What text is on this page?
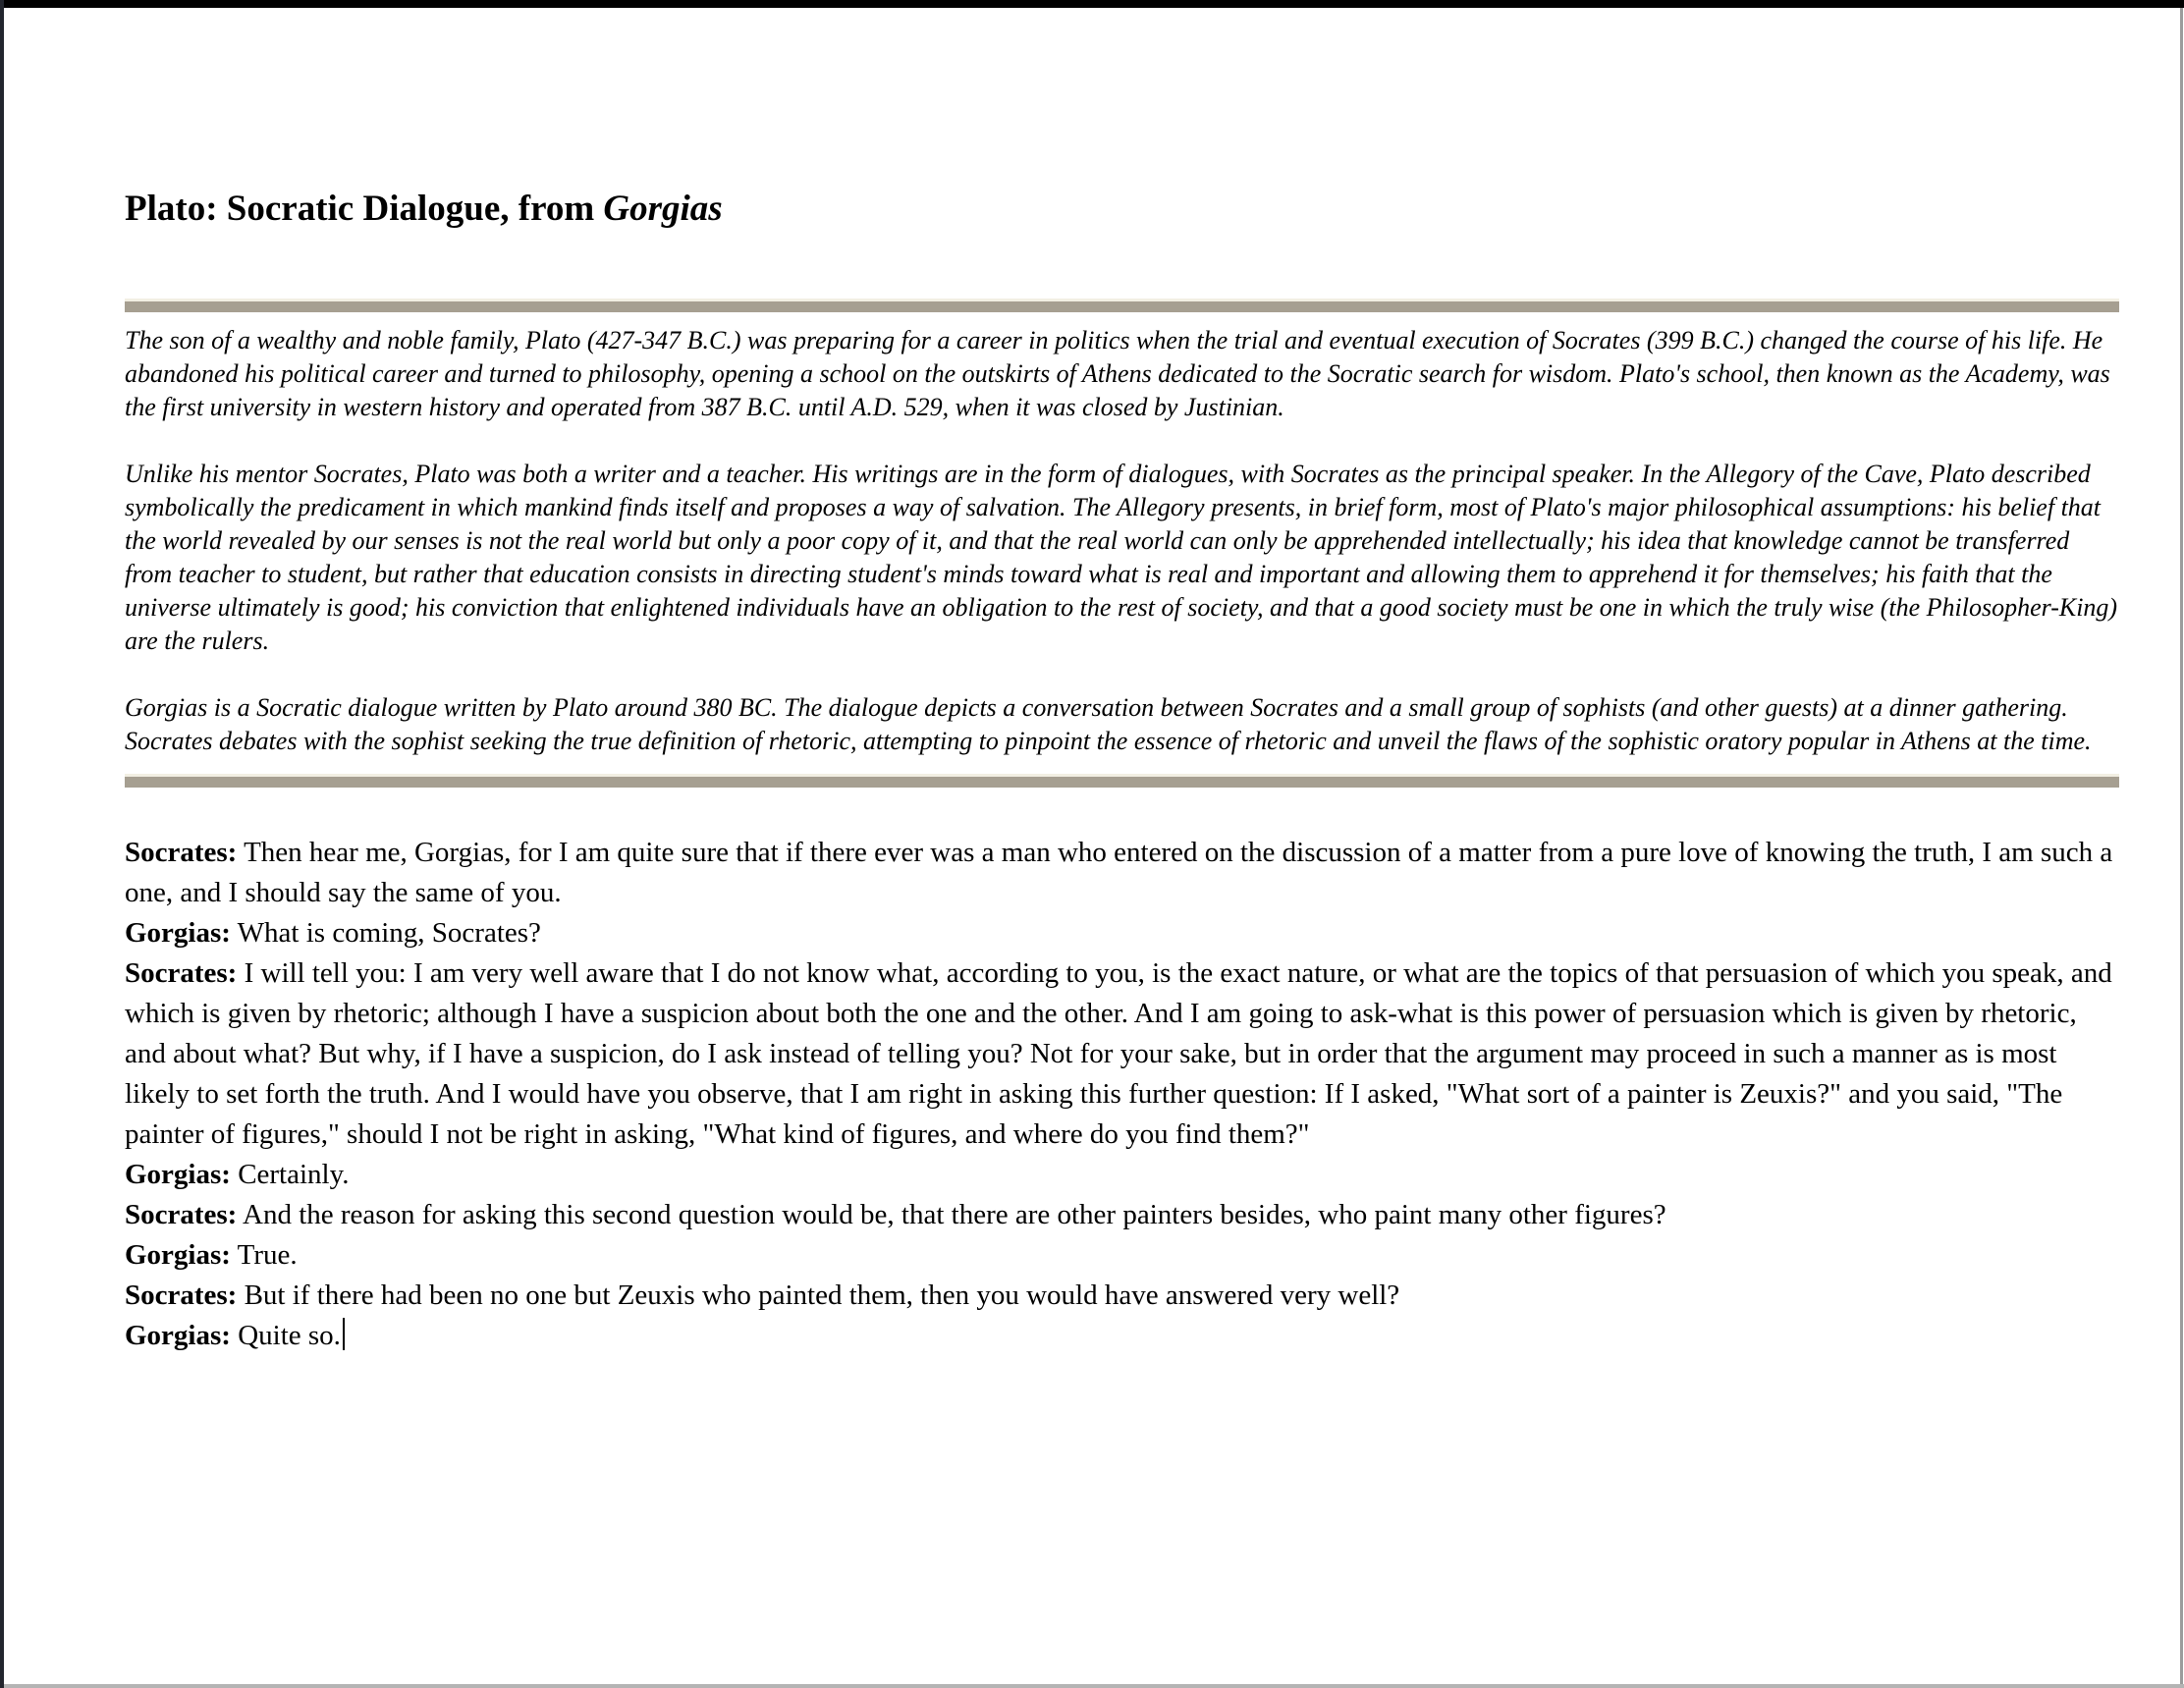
Plato: Socratic Dialogue, from Gorgias

The son of a wealthy and noble family, Plato (427-347 B.C.) was preparing for a career in politics when the trial and eventual execution of Socrates (399 B.C.) changed the course of his life. He abandoned his political career and turned to philosophy, opening a school on the outskirts of Athens dedicated to the Socratic search for wisdom. Plato's school, then known as the Academy, was the first university in western history and operated from 387 B.C. until A.D. 529, when it was closed by Justinian.

Unlike his mentor Socrates, Plato was both a writer and a teacher. His writings are in the form of dialogues, with Socrates as the principal speaker. In the Allegory of the Cave, Plato described symbolically the predicament in which mankind finds itself and proposes a way of salvation. The Allegory presents, in brief form, most of Plato's major philosophical assumptions: his belief that the world revealed by our senses is not the real world but only a poor copy of it, and that the real world can only be apprehended intellectually; his idea that knowledge cannot be transferred from teacher to student, but rather that education consists in directing student's minds toward what is real and important and allowing them to apprehend it for themselves; his faith that the universe ultimately is good; his conviction that enlightened individuals have an obligation to the rest of society, and that a good society must be one in which the truly wise (the Philosopher-King) are the rulers.

Gorgias is a Socratic dialogue written by Plato around 380 BC. The dialogue depicts a conversation between Socrates and a small group of sophists (and other guests) at a dinner gathering. Socrates debates with the sophist seeking the true definition of rhetoric, attempting to pinpoint the essence of rhetoric and unveil the flaws of the sophistic oratory popular in Athens at the time.

Socrates: Then hear me, Gorgias, for I am quite sure that if there ever was a man who entered on the discussion of a matter from a pure love of knowing the truth, I am such a one, and I should say the same of you.

Gorgias: What is coming, Socrates?

Socrates: I will tell you: I am very well aware that I do not know what, according to you, is the exact nature, or what are the topics of that persuasion of which you speak, and which is given by rhetoric; although I have a suspicion about both the one and the other. And I am going to ask-what is this power of persuasion which is given by rhetoric, and about what? But why, if I have a suspicion, do I ask instead of telling you? Not for your sake, but in order that the argument may proceed in such a manner as is most likely to set forth the truth. And I would have you observe, that I am right in asking this further question: If I asked, "What sort of a painter is Zeuxis?" and you said, "The painter of figures," should I not be right in asking, "What kind of figures, and where do you find them?"

Gorgias: Certainly.

Socrates: And the reason for asking this second question would be, that there are other painters besides, who paint many other figures?

Gorgias: True.

Socrates: But if there had been no one but Zeuxis who painted them, then you would have answered very well?

Gorgias: Quite so.
